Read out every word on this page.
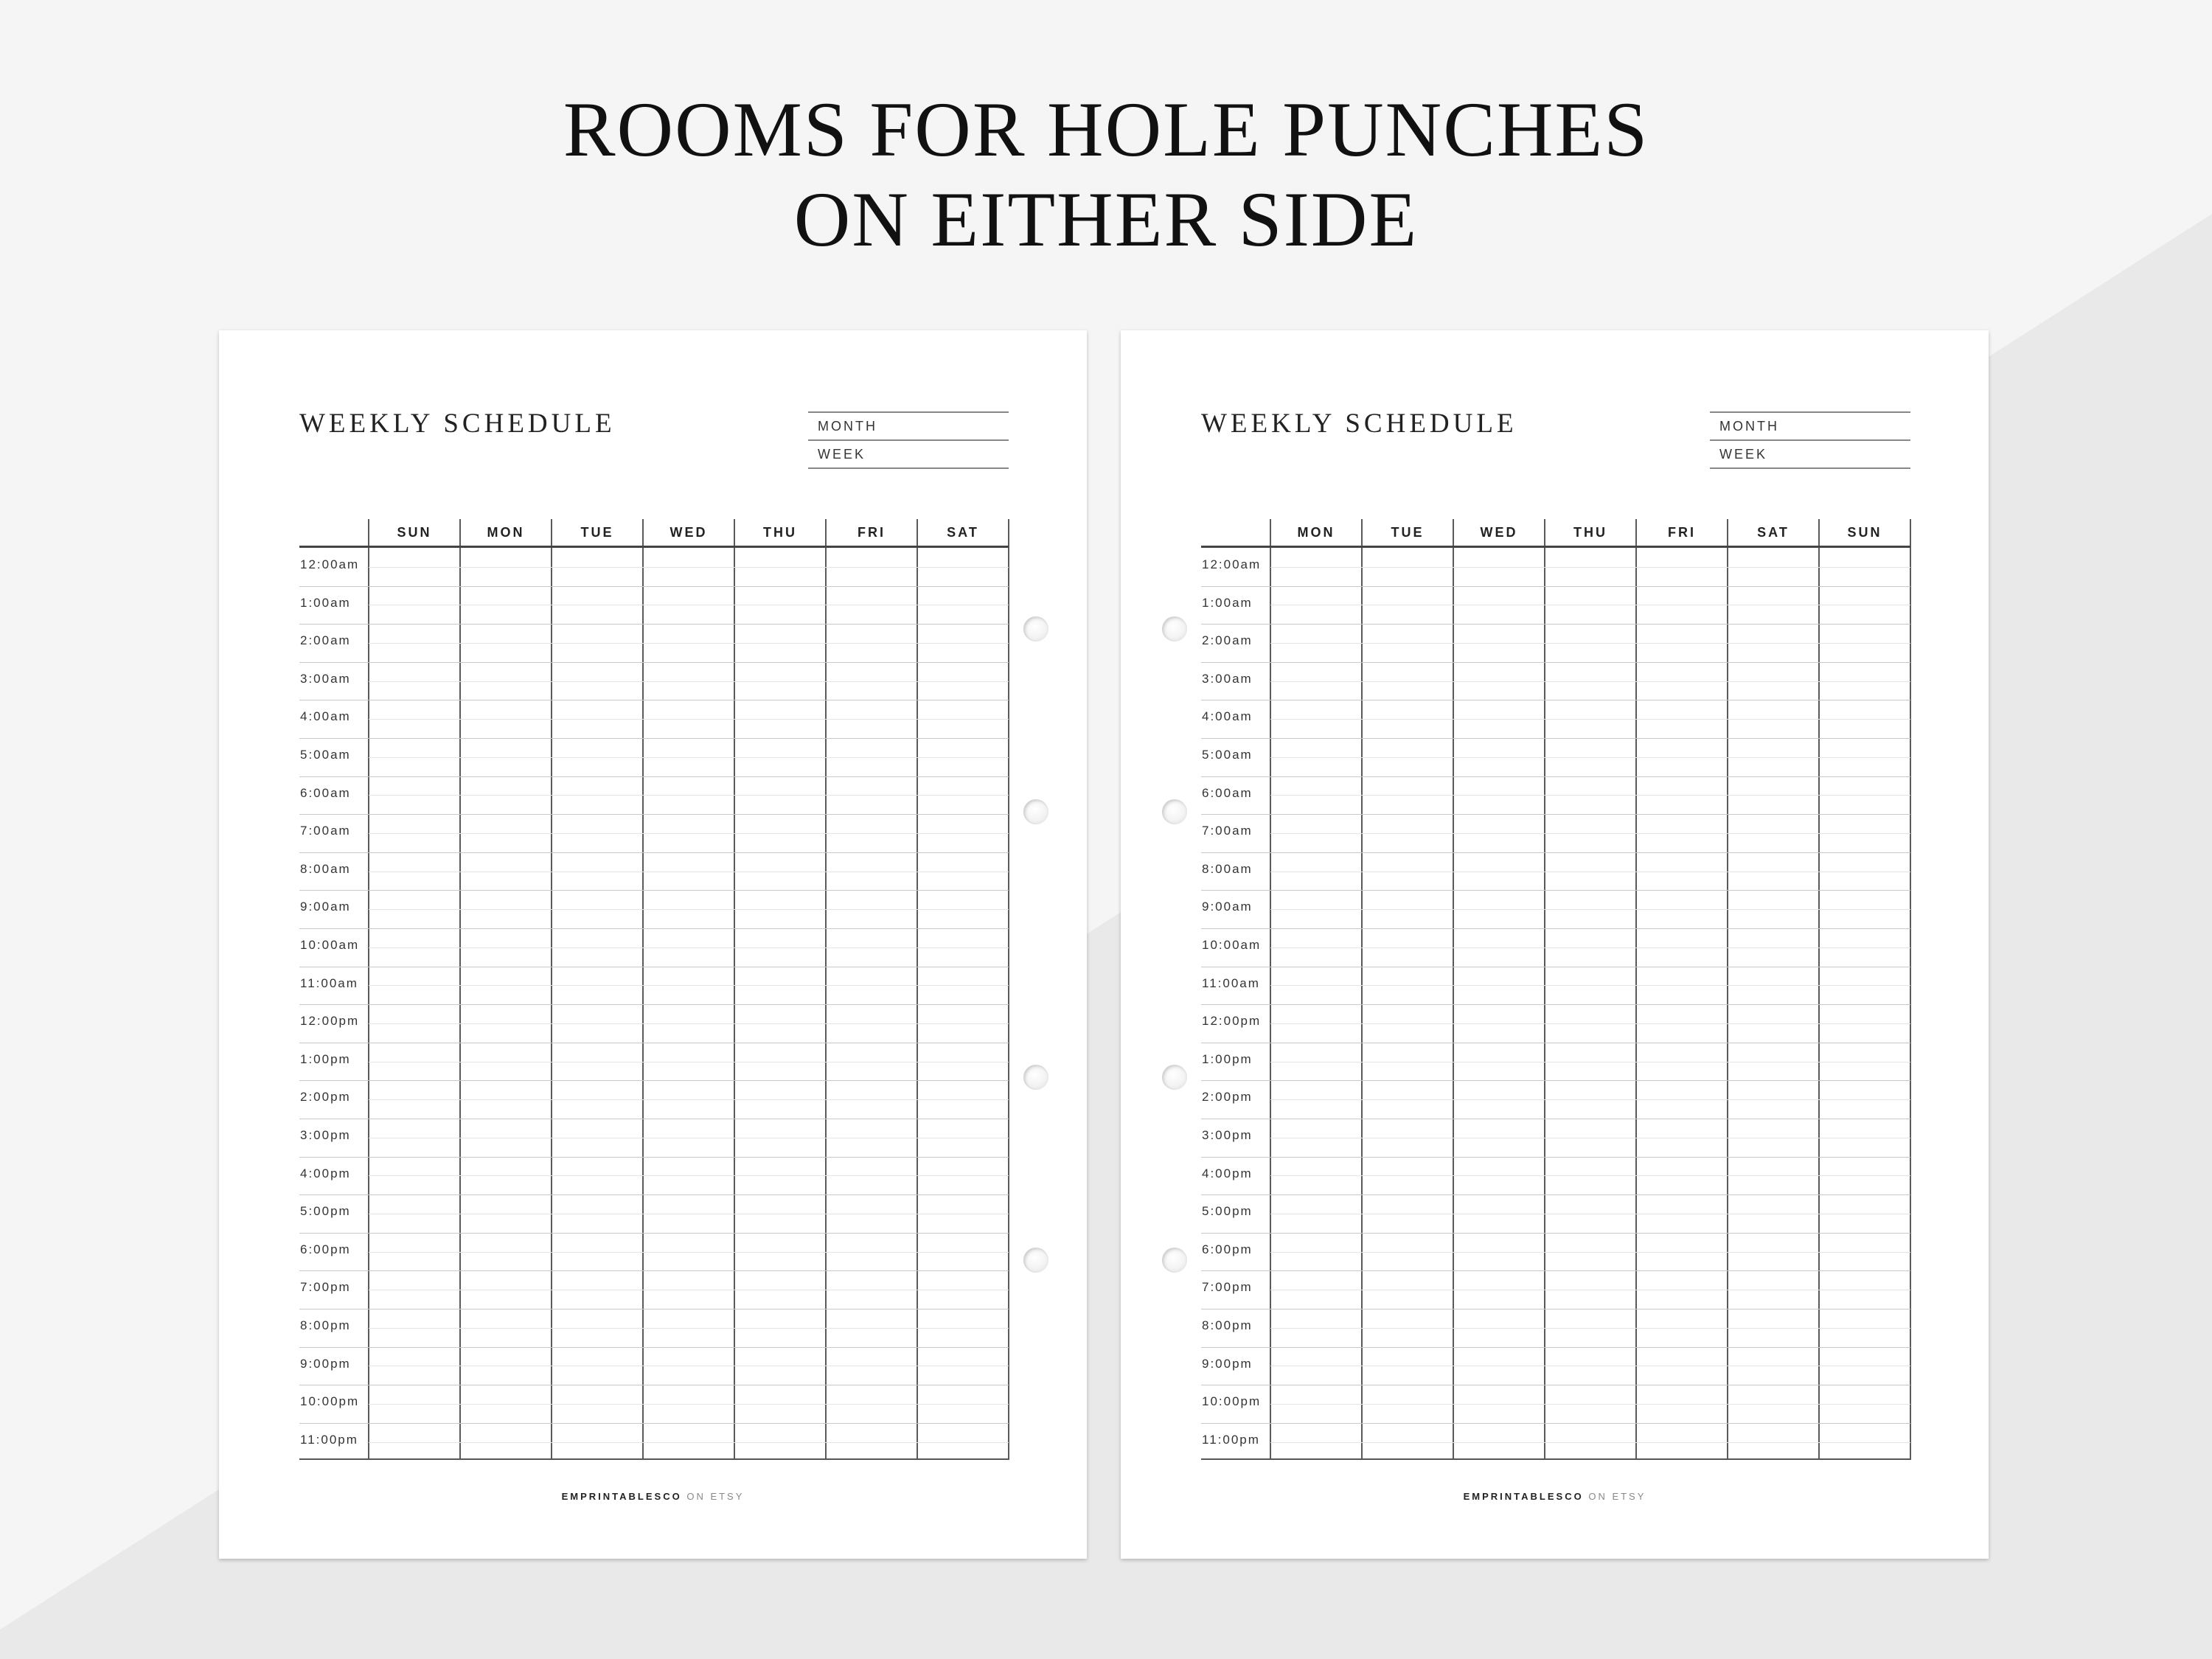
ROOMS FOR HOLE PUNCHES
ON EITHER SIDE
WEEKLY SCHEDULE	MONTH
WEEK
SUN	MON	TUE	WED	THU	FRI	SAT
12:00am
1:00am
2:00am
3:00am
4:00am
5:00am
6:00am
7:00am
8:00am
9:00am
10:00am
11:00am
12:00pm
1:00pm
2:00pm
3:00pm
4:00pm
5:00pm
6:00pm
7:00pm
8:00pm
9:00pm
10:00pm
11:00pm
EMPRINTABLESCO ON ETSY
WEEKLY SCHEDULE	MONTH
WEEK
MON	TUE	WED	THU	FRI	SAT	SUN
12:00am
1:00am
2:00am
3:00am
4:00am
5:00am
6:00am
7:00am
8:00am
9:00am
10:00am
11:00am
12:00pm
1:00pm
2:00pm
3:00pm
4:00pm
5:00pm
6:00pm
7:00pm
8:00pm
9:00pm
10:00pm
11:00pm
EMPRINTABLESCO ON ETSY
